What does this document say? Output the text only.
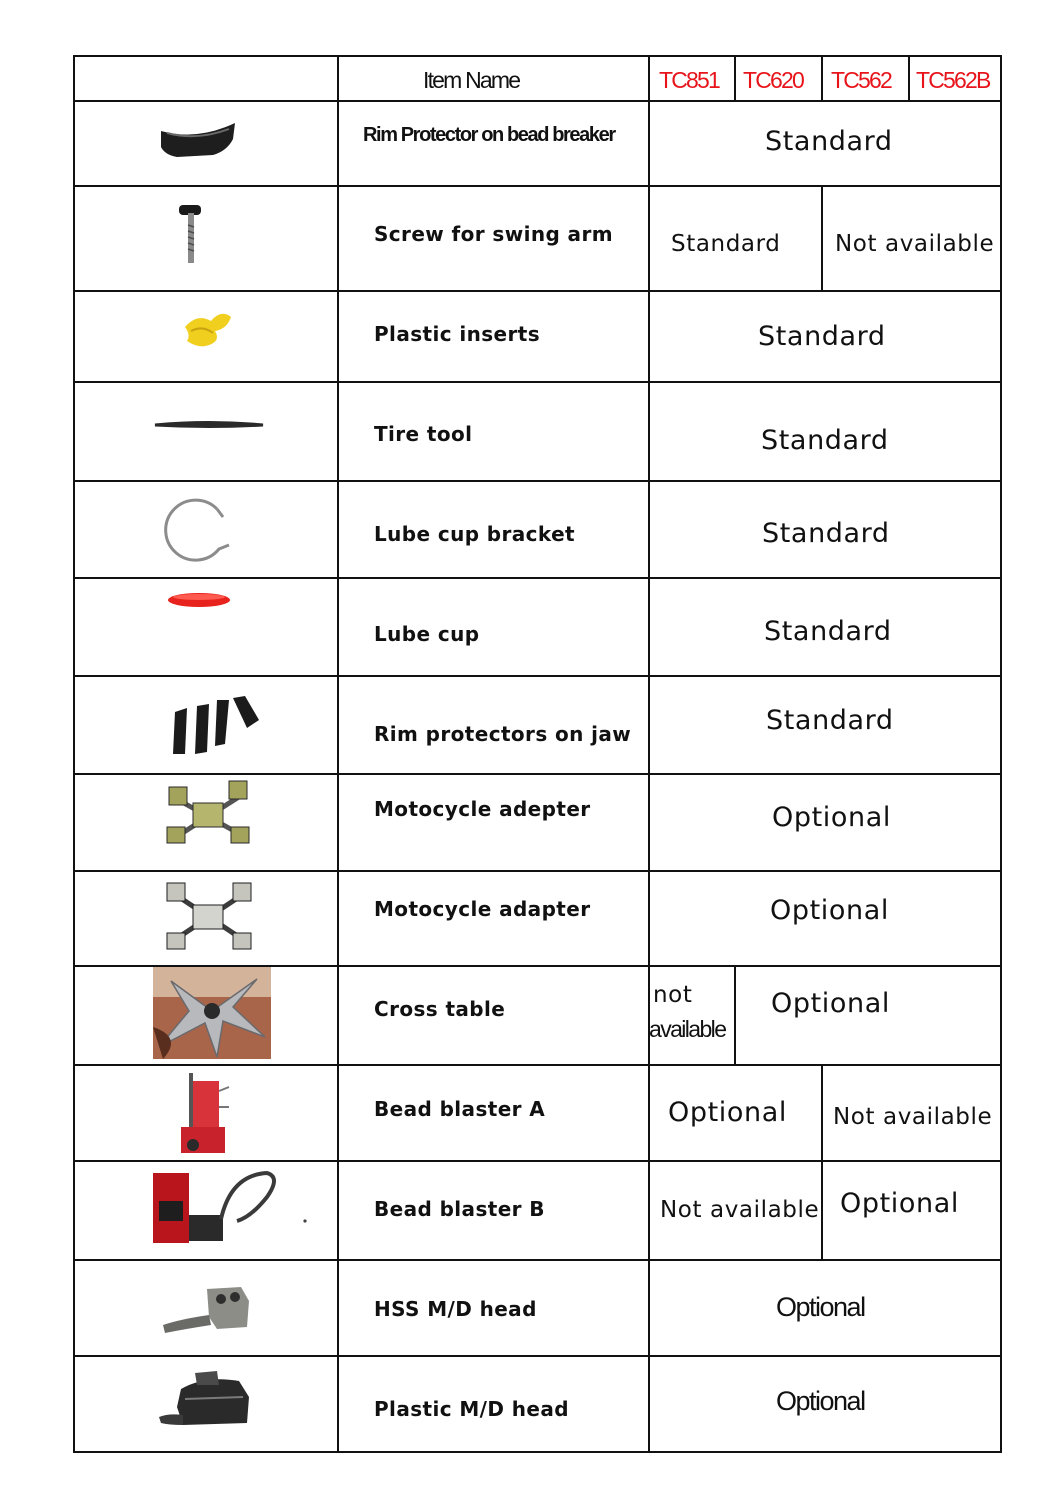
Item Name	TC851 TC620 TC562 TC562B
Rim Protector on bead breaker
Screw for swing arm
Plastic inserts
Tire tool
Lube cup bracket
Lube cup
Rim protectors on jaw
Motocycle adepter
Motocycle adapter
Cross table
Bead blaster A
Bead blaster B
HSS M/D head
Plastic M/D head
Standard
Standard Not available
Standard
Standard
Standard
Standard
Standard
Optional
Optional
not
available
Optional
Optional Not available
Not available Optional
Optional
Optional
